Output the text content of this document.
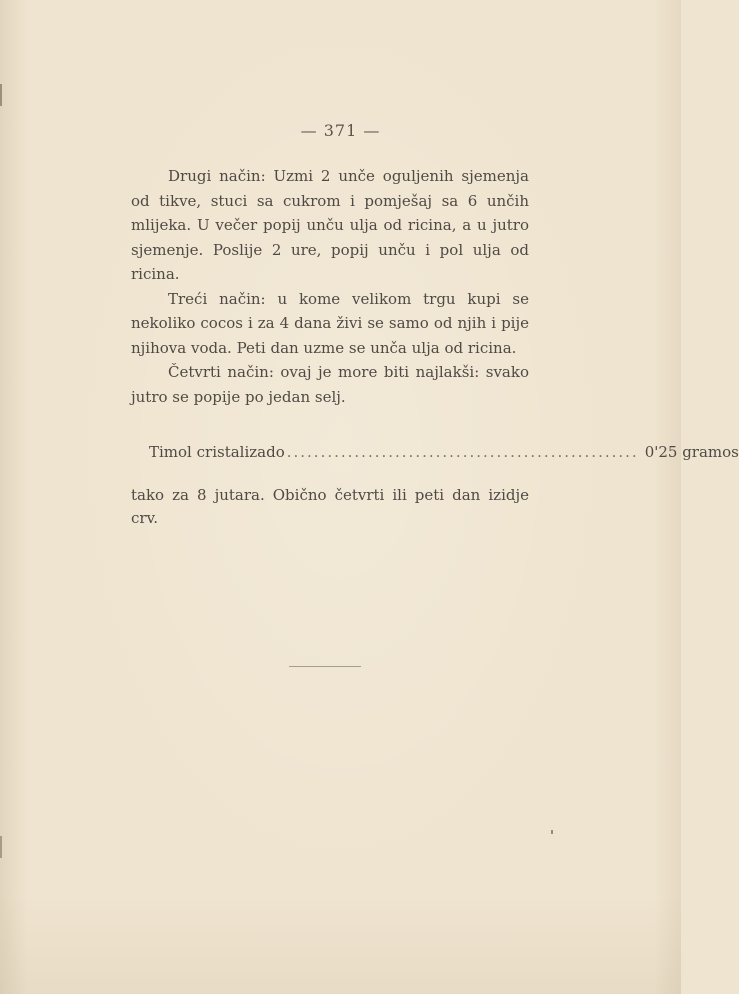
— 371 —

Drugi način: Uzmi 2 unče oguljenih sjemenja od tikve, stuci sa cukrom i pomješaj sa 6 unčih mlijeka. U večer popij unču ulja od ricina, a u jutro sjemenje. Poslije 2 ure, popij unču i pol ulja od ricina.

Treći način: u kome velikom trgu kupi se nekoliko cocos i za 4 dana živi se samo od njih i pije njihova voda. Peti dan uzme se unča ulja od ricina.

Četvrti način: ovaj je more biti najlakši: svako jutro se popije po jedan selj.

Timol cristalizado .................................................... 0'25 gramos

tako za 8 jutara. Obično četvrti ili peti dan izidje crv.
